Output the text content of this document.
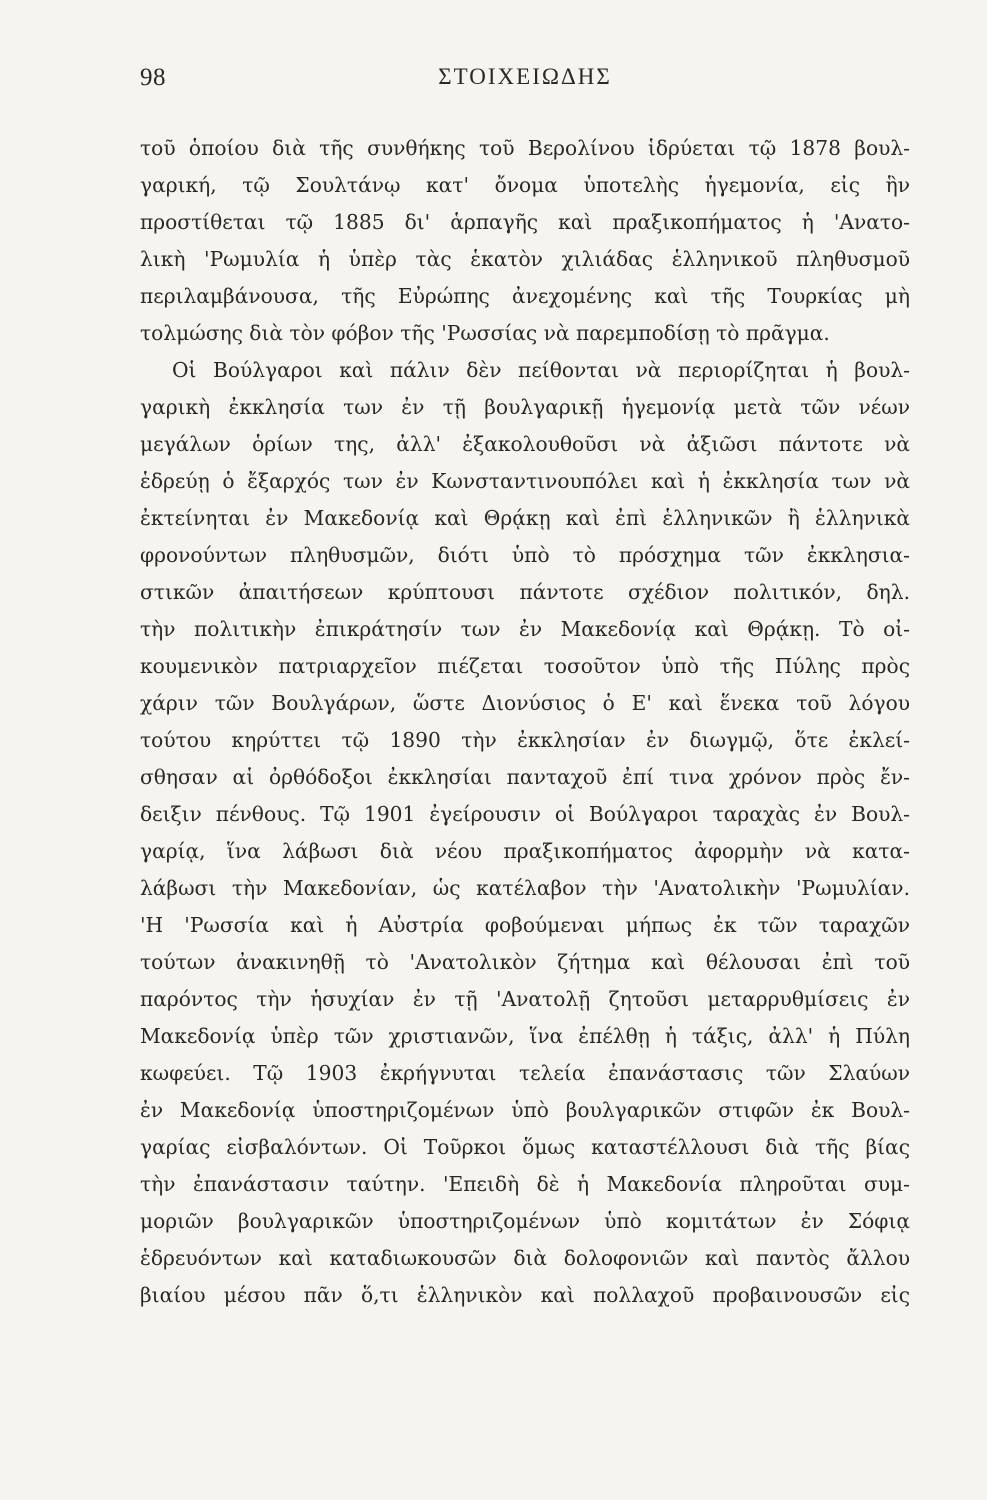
98	ΣΤΟΙΧΕΙΩΔΗΣ
τοῦ ὁποίου διὰ τῆς συνθήκης τοῦ Βερολίνου ἱδρύεται τῷ 1878 βουλ-
γαρική, τῷ Σουλτάνῳ κατ' ὄνομα ὑποτελὴς ἡγεμονία, εἰς ἣν
προστίθεται τῷ 1885 δι' ἁρπαγῆς καὶ πραξικοπήματος ἡ 'Ανατο-
λικὴ 'Ρωμυλία ἡ ὑπὲρ τὰς ἑκατὸν χιλιάδας ἑλληνικοῦ πληθυσμοῦ
περιλαμβάνουσα, τῆς Εὐρώπης ἀνεχομένης καὶ τῆς Τουρκίας μὴ
τολμώσης διὰ τὸν φόβον τῆς 'Ρωσσίας νὰ παρεμποδίσῃ τὸ πρᾶγμα.
Οἱ Βούλγαροι καὶ πάλιν δὲν πείθονται νὰ περιορίζηται ἡ βουλ-
γαρικὴ ἐκκλησία των ἐν τῇ βουλγαρικῇ ἡγεμονίᾳ μετὰ τῶν νέων
μεγάλων ὁρίων της, ἀλλ' ἐξακολουθοῦσι νὰ ἀξιῶσι πάντοτε νὰ
ἑδρεύῃ ὁ ἔξαρχός των ἐν Κωνσταντινουπόλει καὶ ἡ ἐκκλησία των νὰ
ἐκτείνηται ἐν Μακεδονίᾳ καὶ Θρᾴκῃ καὶ ἐπὶ ἑλληνικῶν ἢ ἑλληνικὰ
φρονούντων πληθυσμῶν, διότι ὑπὸ τὸ πρόσχημα τῶν ἐκκλησια-
στικῶν ἀπαιτήσεων κρύπτουσι πάντοτε σχέδιον πολιτικόν, δηλ.
τὴν πολιτικὴν ἐπικράτησίν των ἐν Μακεδονίᾳ καὶ Θρᾴκῃ. Τὸ οἰ-
κουμενικὸν πατριαρχεῖον πιέζεται τοσοῦτον ὑπὸ τῆς Πύλης πρὸς
χάριν τῶν Βουλγάρων, ὥστε Διονύσιος ὁ Ε' καὶ ἕνεκα τοῦ λόγου
τούτου κηρύττει τῷ 1890 τὴν ἐκκλησίαν ἐν διωγμῷ, ὅτε ἐκλεί-
σθησαν αἱ ὀρθόδοξοι ἐκκλησίαι πανταχοῦ ἐπί τινα χρόνον πρὸς ἔν-
δειξιν πένθους. Τῷ 1901 ἐγείρουσιν οἱ Βούλγαροι ταραχὰς ἐν Βουλ-
γαρίᾳ, ἵνα λάβωσι διὰ νέου πραξικοπήματος ἀφορμὴν νὰ κατα-
λάβωσι τὴν Μακεδονίαν, ὡς κατέλαβον τὴν 'Ανατολικὴν 'Ρωμυλίαν.
'Η 'Ρωσσία καὶ ἡ Αὐστρία φοβούμεναι μήπως ἐκ τῶν ταραχῶν
τούτων ἀνακινηθῇ τὸ 'Ανατολικὸν ζήτημα καὶ θέλουσαι ἐπὶ τοῦ
παρόντος τὴν ἡσυχίαν ἐν τῇ 'Ανατολῇ ζητοῦσι μεταρρυθμίσεις ἐν
Μακεδονίᾳ ὑπὲρ τῶν χριστιανῶν, ἵνα ἐπέλθῃ ἡ τάξις, ἀλλ' ἡ Πύλη
κωφεύει. Τῷ 1903 ἐκρήγνυται τελεία ἐπανάστασις τῶν Σλαύων
ἐν Μακεδονίᾳ ὑποστηριζομένων ὑπὸ βουλγαρικῶν στιφῶν ἐκ Βουλ-
γαρίας εἰσβαλόντων. Οἱ Τοῦρκοι ὅμως καταστέλλουσι διὰ τῆς βίας
τὴν ἐπανάστασιν ταύτην. 'Επειδὴ δὲ ἡ Μακεδονία πληροῦται συμ-
μοριῶν βουλγαρικῶν ὑποστηριζομένων ὑπὸ κομιτάτων ἐν Σόφιᾳ
ἑδρευόντων καὶ καταδιωκουσῶν διὰ δολοφονιῶν καὶ παντὸς ἄλλου
βιαίου μέσου πᾶν ὅ,τι ἑλληνικὸν καὶ πολλαχοῦ προβαινουσῶν εἰς
